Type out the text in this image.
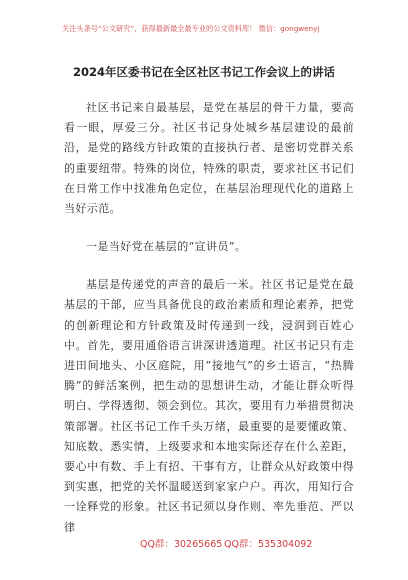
关注头条号“公文研究”，获得最新最全最专业的公文资料库！ 微信：gongwenyj
2024年区委书记在全区社区书记工作会议上的讲话

社区书记来自最基层，是党在基层的骨干力量，要高看一眼，厚爱三分。社区书记身处城乡基层建设的最前沿，是党的路线方针政策的直接执行者、是密切党群关系的重要纽带。特殊的岗位，特殊的职责，要求社区书记们在日常工作中找准角色定位，在基层治理现代化的道路上当好示范。

一是当好党在基层的“宣讲员”。

基层是传递党的声音的最后一米。社区书记是党在最基层的干部，应当具备优良的政治素质和理论素养，把党的创新理论和方针政策及时传递到一线，浸润到百姓心中。首先，要用通俗语言讲深讲透道理。社区书记只有走进田间地头、小区庭院，用“接地气”的乡土语言，“热腾腾”的鲜活案例，把生动的思想讲生动，才能让群众听得明白、学得透彻、领会到位。其次，要用有力举措贯彻决策部署。社区书记工作千头万绪，最重要的是要懂政策、知底数、悉实情，上级要求和本地实际还存在什么差距，要心中有数、手上有招、干事有方，让群众从好政策中得到实惠，把党的关怀温暖送到家家户户。再次，用知行合一诠释党的形象。社区书记须以身作则、率先垂范、严以律

QQ群：30265665 QQ群：535304092
